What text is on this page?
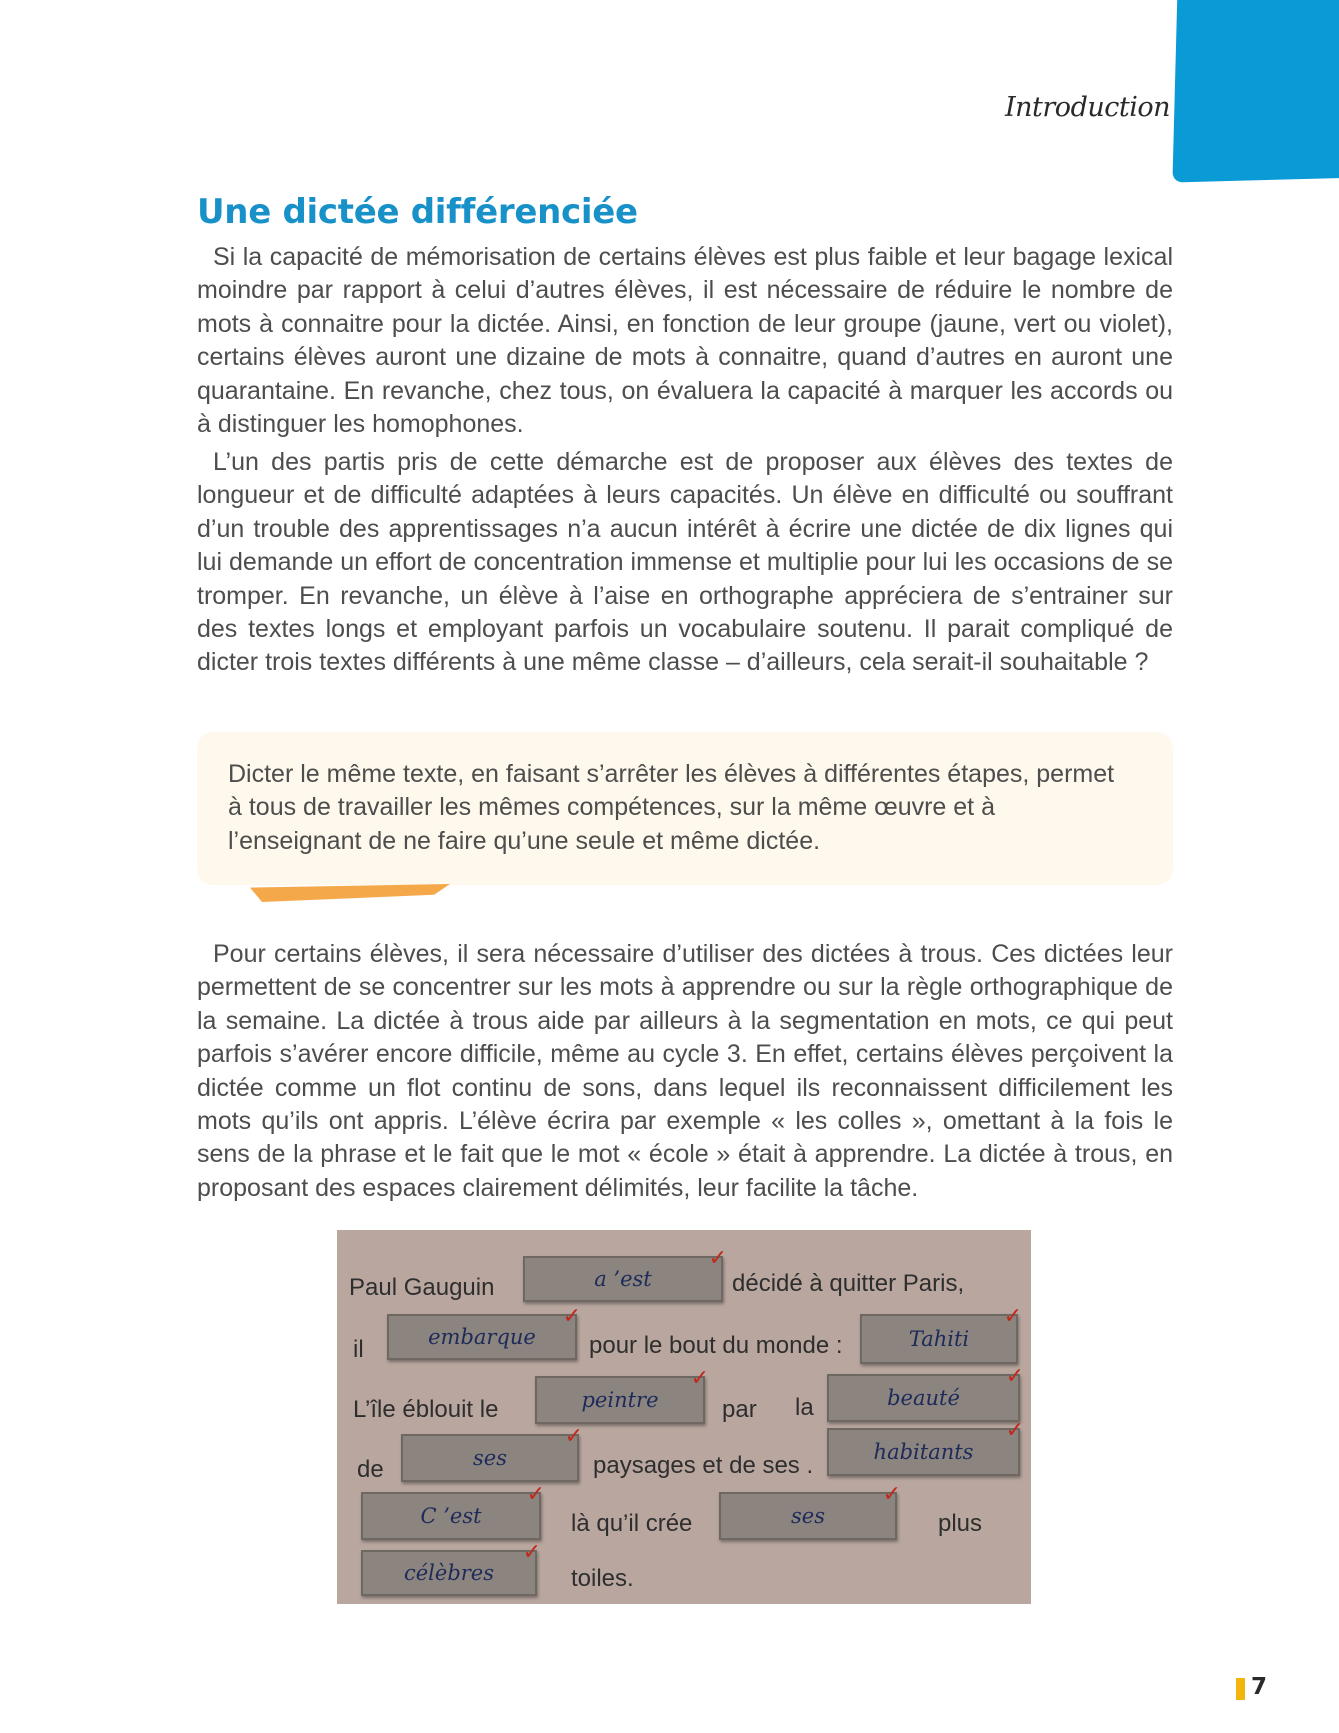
Introduction
Une dictée différenciée

Si la capacité de mémorisation de certains élèves est plus faible et leur bagage lexical moindre par rapport à celui d’autres élèves, il est nécessaire de réduire le nombre de mots à connaitre pour la dictée. Ainsi, en fonction de leur groupe (jaune, vert ou violet), certains élèves auront une dizaine de mots à connaitre, quand d’autres en auront une quarantaine. En revanche, chez tous, on évaluera la capacité à marquer les accords ou à distinguer les homophones.

L’un des partis pris de cette démarche est de proposer aux élèves des textes de longueur et de difficulté adaptées à leurs capacités. Un élève en difficulté ou souffrant d’un trouble des apprentissages n’a aucun intérêt à écrire une dictée de dix lignes qui lui demande un effort de concentration immense et multiplie pour lui les occasions de se tromper. En revanche, un élève à l’aise en orthographe appréciera de s’entrainer sur des textes longs et employant parfois un vocabulaire soutenu. Il parait compliqué de dicter trois textes différents à une même classe – d’ailleurs, cela serait-il souhaitable ?

Dicter le même texte, en faisant s’arrêter les élèves à différentes étapes, permet à tous de travailler les mêmes compétences, sur la même œuvre et à l’enseignant de ne faire qu’une seule et même dictée.

Pour certains élèves, il sera nécessaire d’utiliser des dictées à trous. Ces dictées leur permettent de se concentrer sur les mots à apprendre ou sur la règle orthographique de la semaine. La dictée à trous aide par ailleurs à la segmentation en mots, ce qui peut parfois s’avérer encore difficile, même au cycle 3. En effet, certains élèves perçoivent la dictée comme un flot continu de sons, dans lequel ils reconnaissent difficilement les mots qu’ils ont appris. L’élève écrira par exemple « les colles », omettant à la fois le sens de la phrase et le fait que le mot « école » était à apprendre. La dictée à trous, en proposant des espaces clairement délimités, leur facilite la tâche.

Paul Gauguin	a ’est
✓
décidé à quitter Paris,
il	embarque
✓
pour le bout du monde :	Tahiti
✓
L’île éblouit le	peintre
✓
par la	beauté
✓
de	ses
✓
paysages et de ses .	habitants
✓
C ’est
✓
là qu’il crée	ses
✓
plus
célèbres
✓
toiles.
7
